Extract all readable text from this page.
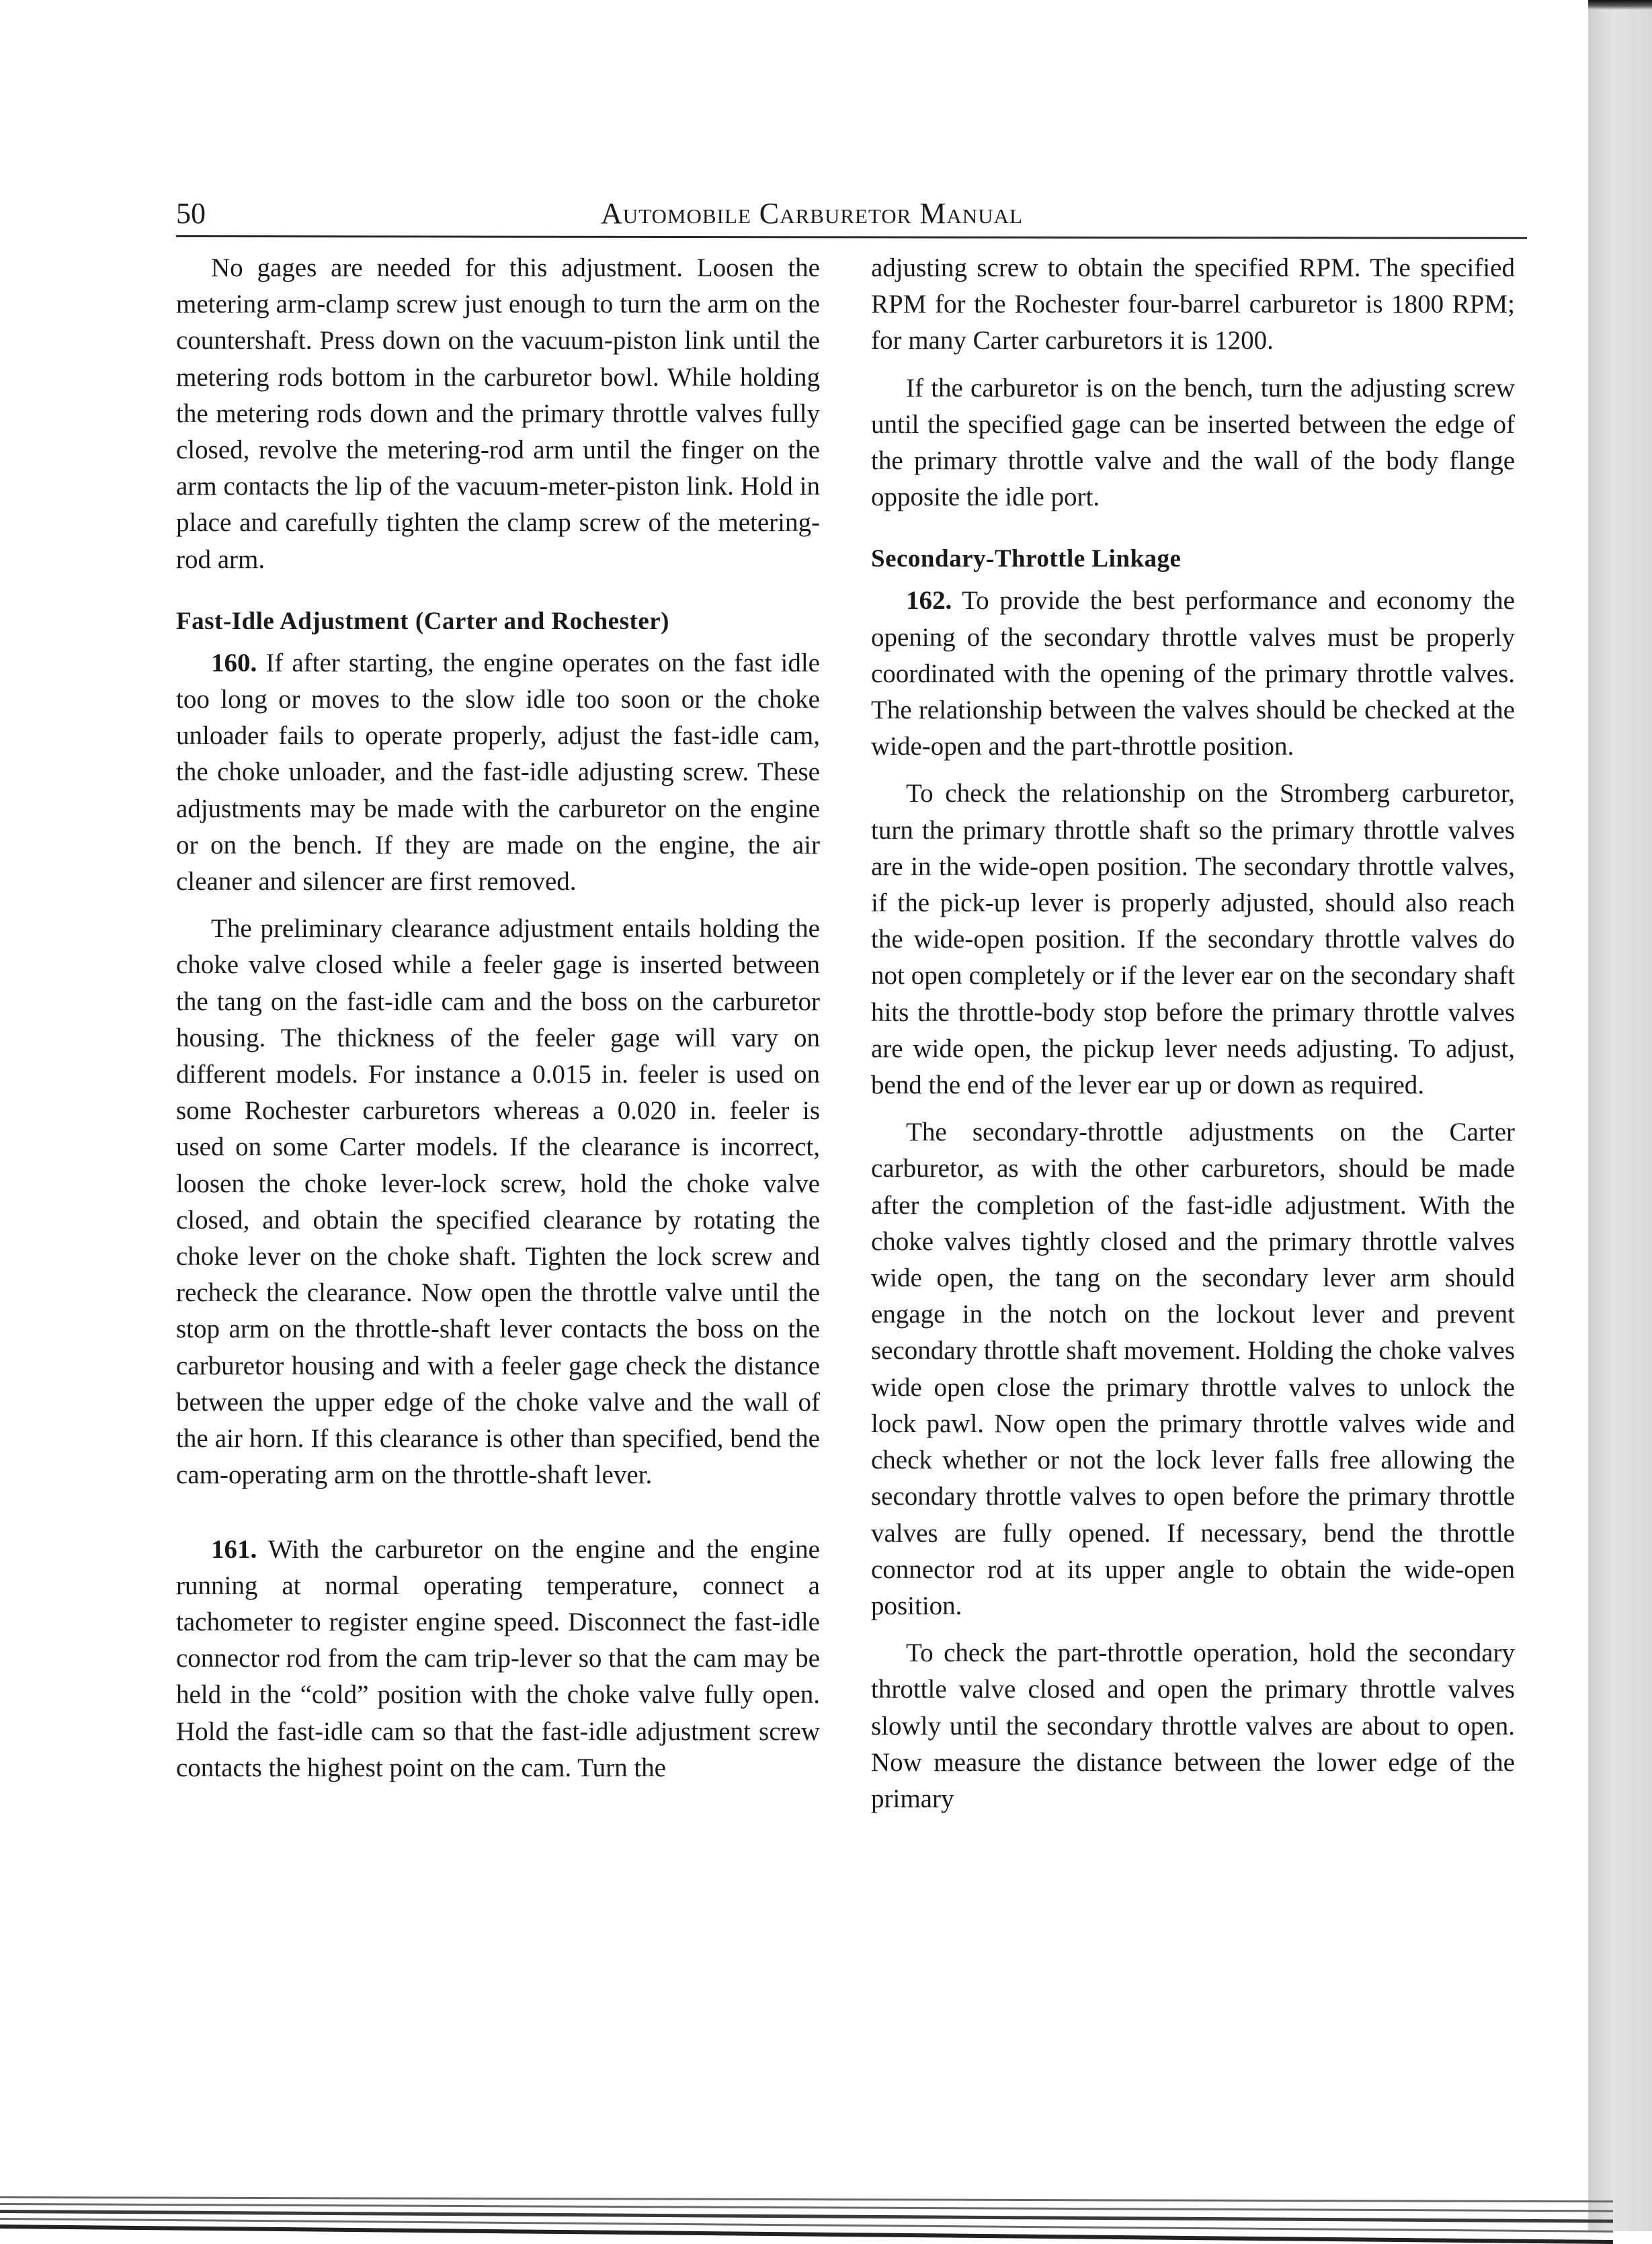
50	Automobile Carburetor Manual

No gages are needed for this adjustment. Loosen the metering arm-clamp screw just enough to turn the arm on the countershaft. Press down on the vacuum-piston link until the metering rods bottom in the carburetor bowl. While holding the metering rods down and the primary throttle valves fully closed, revolve the metering-rod arm until the finger on the arm contacts the lip of the vacuum-meter-piston link. Hold in place and carefully tighten the clamp screw of the metering-rod arm.

Fast-Idle Adjustment (Carter and Rochester)

160. If after starting, the engine operates on the fast idle too long or moves to the slow idle too soon or the choke unloader fails to operate properly, adjust the fast-idle cam, the choke unloader, and the fast-idle adjusting screw. These adjustments may be made with the carburetor on the engine or on the bench. If they are made on the engine, the air cleaner and silencer are first removed.

The preliminary clearance adjustment entails holding the choke valve closed while a feeler gage is inserted between the tang on the fast-idle cam and the boss on the carburetor housing. The thickness of the feeler gage will vary on different models. For instance a 0.015 in. feeler is used on some Rochester carburetors whereas a 0.020 in. feeler is used on some Carter models. If the clearance is incorrect, loosen the choke lever-lock screw, hold the choke valve closed, and obtain the specified clearance by rotating the choke lever on the choke shaft. Tighten the lock screw and recheck the clearance. Now open the throttle valve until the stop arm on the throttle-shaft lever contacts the boss on the carburetor housing and with a feeler gage check the distance between the upper edge of the choke valve and the wall of the air horn. If this clearance is other than specified, bend the cam-operating arm on the throttle-shaft lever.

161. With the carburetor on the engine and the engine running at normal operating temperature, connect a tachometer to register engine speed. Disconnect the fast-idle connector rod from the cam trip-lever so that the cam may be held in the “cold” position with the choke valve fully open. Hold the fast-idle cam so that the fast-idle adjustment screw contacts the highest point on the cam. Turn the

adjusting screw to obtain the specified RPM. The specified RPM for the Rochester four-barrel carburetor is 1800 RPM; for many Carter carburetors it is 1200.

If the carburetor is on the bench, turn the adjusting screw until the specified gage can be inserted between the edge of the primary throttle valve and the wall of the body flange opposite the idle port.

Secondary-Throttle Linkage

162. To provide the best performance and economy the opening of the secondary throttle valves must be properly coordinated with the opening of the primary throttle valves. The relationship between the valves should be checked at the wide-open and the part-throttle position.

To check the relationship on the Stromberg carburetor, turn the primary throttle shaft so the primary throttle valves are in the wide-open position. The secondary throttle valves, if the pick-up lever is properly adjusted, should also reach the wide-open position. If the secondary throttle valves do not open completely or if the lever ear on the secondary shaft hits the throttle-body stop before the primary throttle valves are wide open, the pickup lever needs adjusting. To adjust, bend the end of the lever ear up or down as required.

The secondary-throttle adjustments on the Carter carburetor, as with the other carburetors, should be made after the completion of the fast-idle adjustment. With the choke valves tightly closed and the primary throttle valves wide open, the tang on the secondary lever arm should engage in the notch on the lockout lever and prevent secondary throttle shaft movement. Holding the choke valves wide open close the primary throttle valves to unlock the lock pawl. Now open the primary throttle valves wide and check whether or not the lock lever falls free allowing the secondary throttle valves to open before the primary throttle valves are fully opened. If necessary, bend the throttle connector rod at its upper angle to obtain the wide-open position.

To check the part-throttle operation, hold the secondary throttle valve closed and open the primary throttle valves slowly until the secondary throttle valves are about to open. Now measure the distance between the lower edge of the primary
